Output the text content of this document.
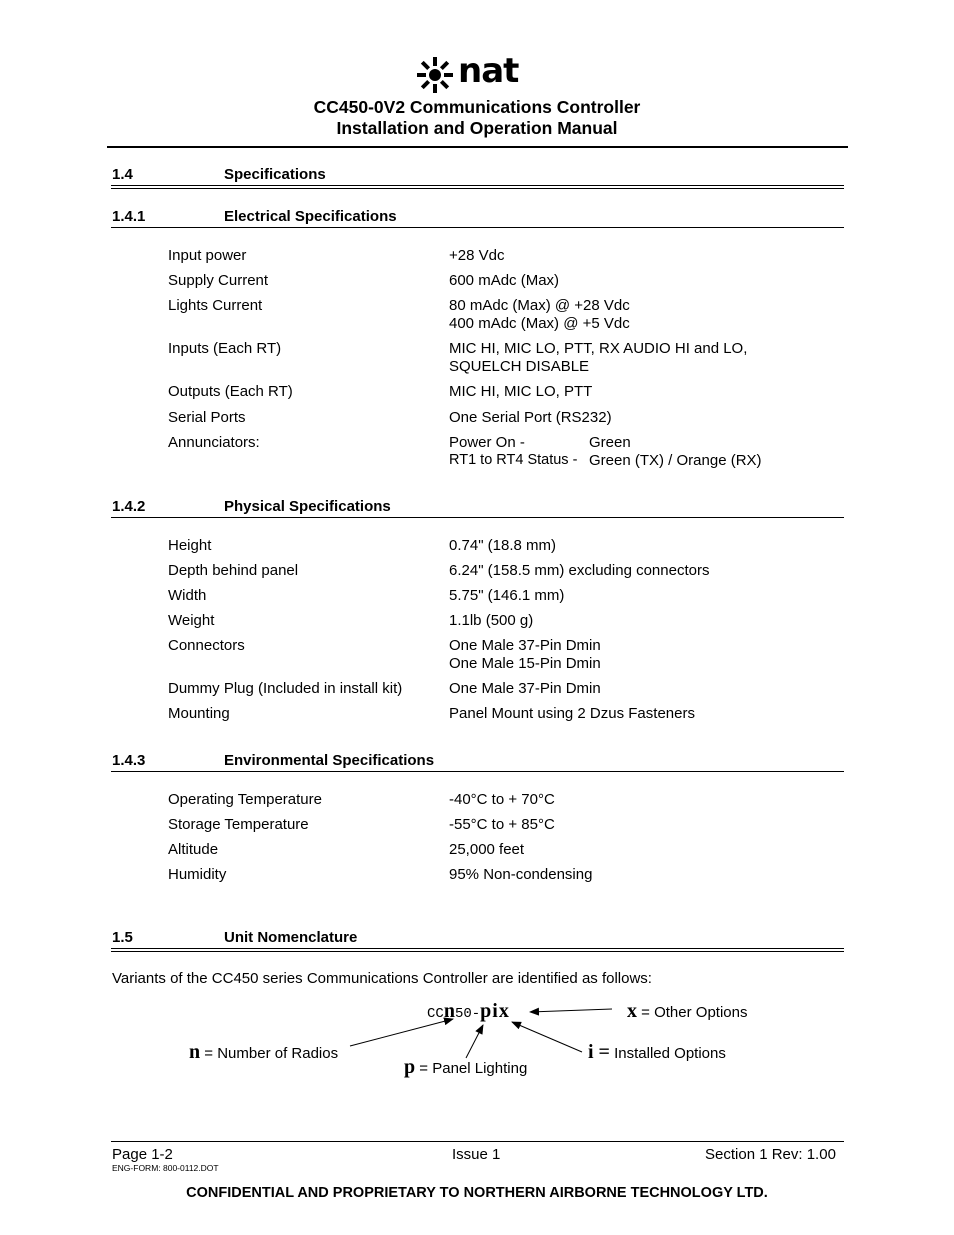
nat
CC450-0V2 Communications Controller
Installation and Operation Manual
1.4	Specifications
1.4.1	Electrical Specifications
Input power	+28 Vdc
Supply Current	600 mAdc (Max)
Lights Current	80 mAdc (Max) @ +28 Vdc
400 mAdc (Max) @ +5 Vdc
Inputs (Each RT)	MIC HI, MIC LO, PTT, RX AUDIO HI and LO,
SQUELCH DISABLE
Outputs (Each RT)	MIC HI, MIC LO, PTT
Serial Ports	One Serial Port (RS232)
Annunciators:	Power On -	Green
RT1 to RT4 Status - Green (TX) / Orange (RX)
1.4.2	Physical Specifications
Height	0.74" (18.8 mm)
Depth behind panel	6.24" (158.5 mm) excluding connectors
Width	5.75" (146.1 mm)
Weight	1.1lb (500 g)
Connectors	One Male 37-Pin Dmin
One Male 15-Pin Dmin
Dummy Plug (Included in install kit)	One Male 37-Pin Dmin
Mounting	Panel Mount using 2 Dzus Fasteners
1.4.3	Environmental Specifications
Operating Temperature	-40°C to + 70°C
Storage Temperature	-55°C to + 85°C
Altitude	25,000 feet
Humidity	95% Non-condensing
1.5	Unit Nomenclature
Variants of the CC450 series Communications Controller are identified as follows:
CCn50-pix	x = Other Options
n = Number of Radios	i = Installed Options
p = Panel Lighting
Page 1-2	Issue 1	Section 1 Rev: 1.00
ENG-FORM: 800-0112.DOT
CONFIDENTIAL AND PROPRIETARY TO NORTHERN AIRBORNE TECHNOLOGY LTD.
